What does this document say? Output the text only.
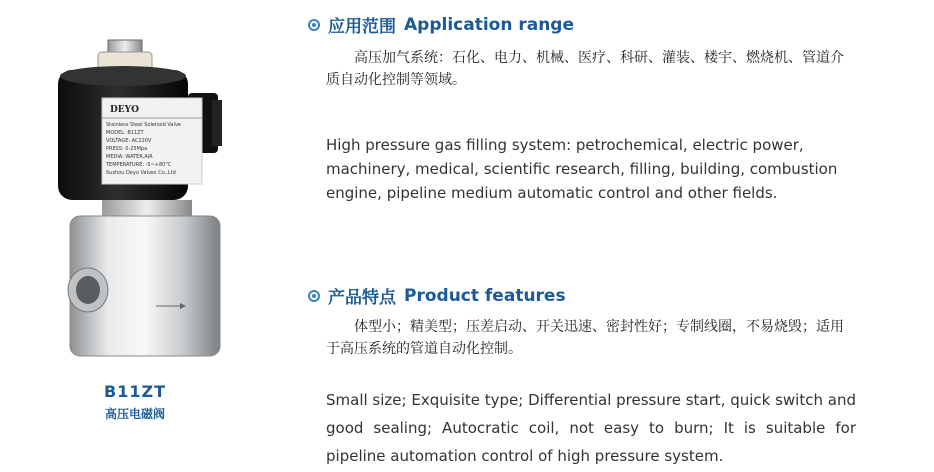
DEYO
Stainless Steel Solenoid Valve
MODEL: B11ZT
VOLTAGE: AC220V
PRESS: 0-25Mpa
MEDIA: WATER,AIR
TEMPERATURE: -5~+80°C
Suzhou Deyo Valves Co.,Ltd
B11ZT
高压电磁阀
应用范围 Application range
高压加气系统：石化、电力、机械、医疗、科研、灌装、楼宇、燃烧机、管道介质自动化控制等领域。
High pressure gas filling system: petrochemical, electric power, machinery, medical, scientific research, filling, building, combustion engine, pipeline medium automatic control and other fields.
产品特点 Product features
体型小；精美型；压差启动、开关迅速、密封性好；专制线圈，不易烧毁；适用于高压系统的管道自动化控制。
Small size; Exquisite type; Differential pressure start, quick switch and good sealing; Autocratic coil, not easy to burn; It is suitable for pipeline automation control of high pressure system.
